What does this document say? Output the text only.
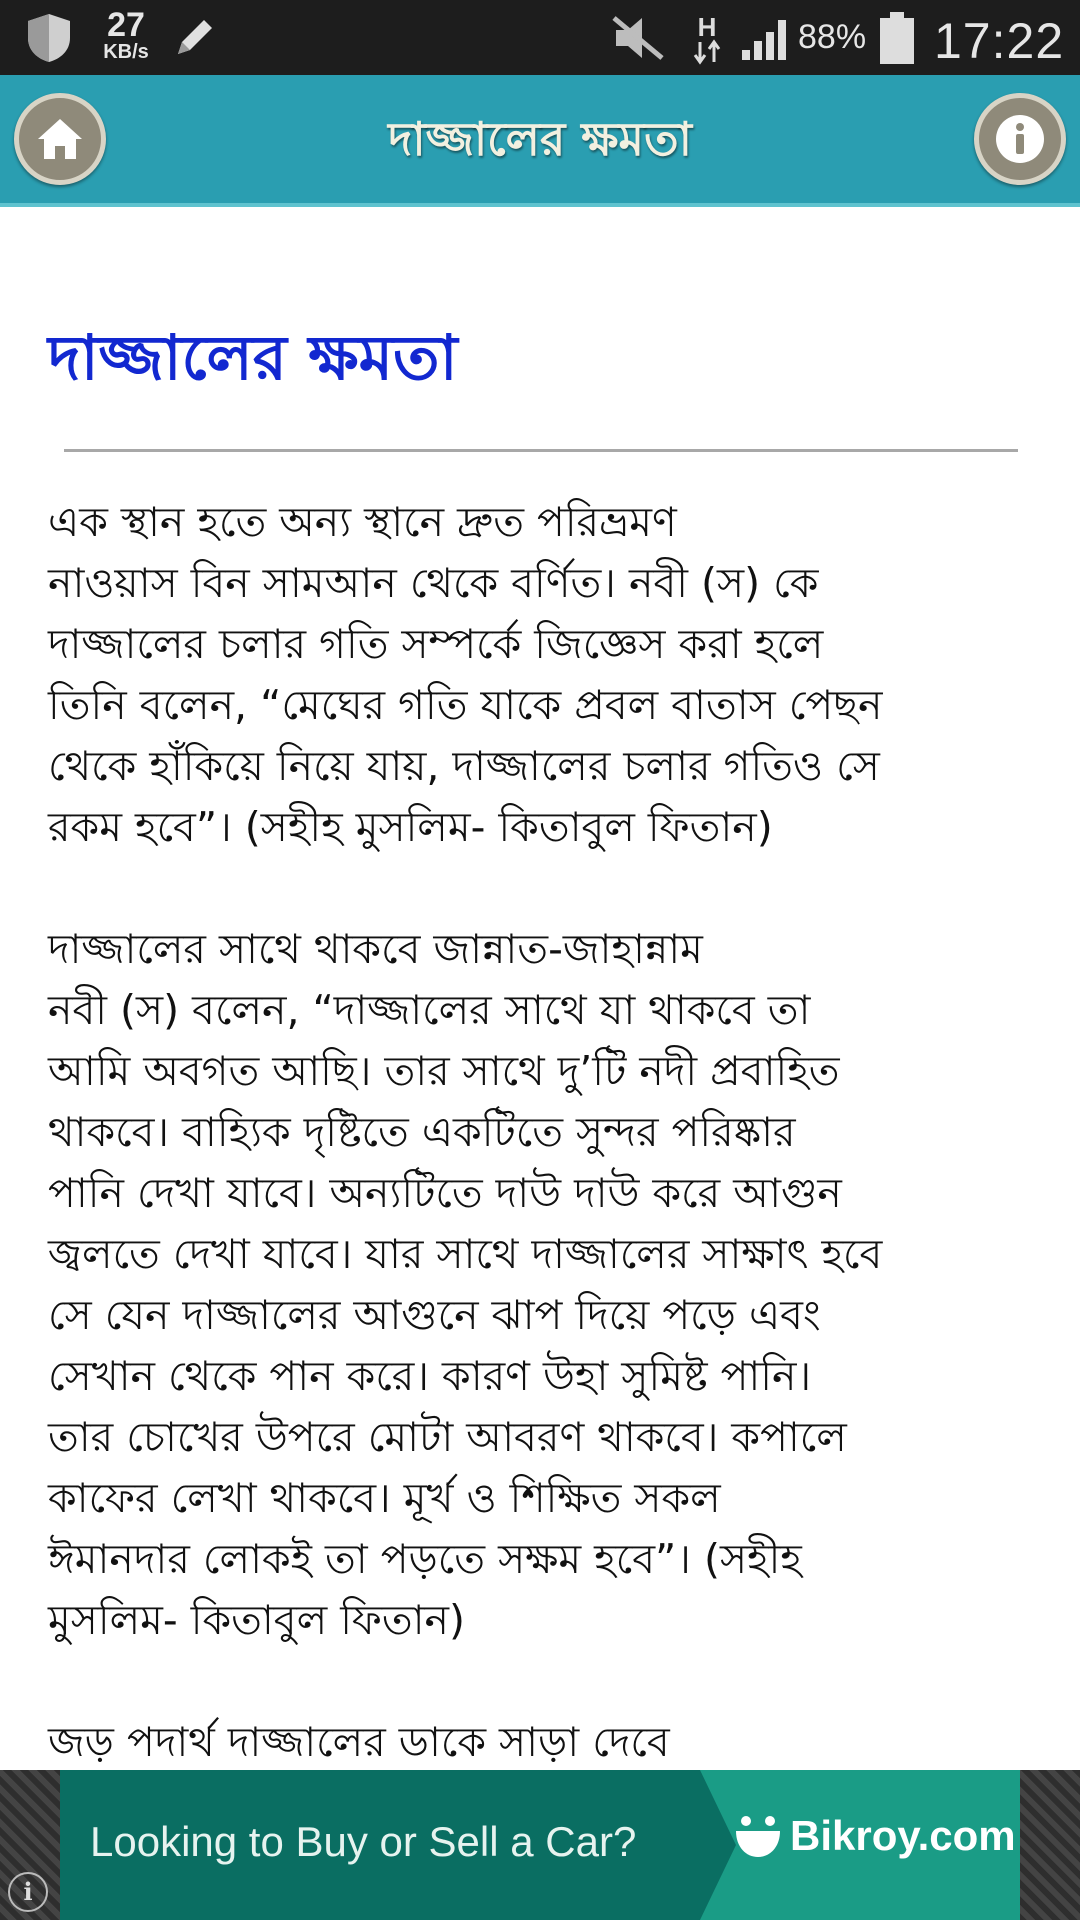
27
KB/s
H 88% 17:22
দাজ্জালের ক্ষমতা
দাজ্জালের ক্ষমতা
এক স্থান হতে অন্য স্থানে দ্রুত পরিভ্রমণ
নাওয়াস বিন সামআন থেকে বর্ণিত। নবী (স) কে
দাজ্জালের চলার গতি সম্পর্কে জিজ্ঞেস করা হলে
তিনি বলেন, “মেঘের গতি যাকে প্রবল বাতাস পেছন
থেকে হাঁকিয়ে নিয়ে যায়, দাজ্জালের চলার গতিও সে
রকম হবে”। (সহীহ মুসলিম- কিতাবুল ফিতান)
দাজ্জালের সাথে থাকবে জান্নাত-জাহান্নাম
নবী (স) বলেন, “দাজ্জালের সাথে যা থাকবে তা
আমি অবগত আছি। তার সাথে দু’টি নদী প্রবাহিত
থাকবে। বাহ্যিক দৃষ্টিতে একটিতে সুন্দর পরিষ্কার
পানি দেখা যাবে। অন্যটিতে দাউ দাউ করে আগুন
জ্বলতে দেখা যাবে। যার সাথে দাজ্জালের সাক্ষাৎ হবে
সে যেন দাজ্জালের আগুনে ঝাপ দিয়ে পড়ে এবং
সেখান থেকে পান করে। কারণ উহা সুমিষ্ট পানি।
তার চোখের উপরে মোটা আবরণ থাকবে। কপালে
কাফের লেখা থাকবে। মূর্খ ও শিক্ষিত সকল
ঈমানদার লোকই তা পড়তে সক্ষম হবে”। (সহীহ
মুসলিম- কিতাবুল ফিতান)
জড় পদার্থ দাজ্জালের ডাকে সাড়া দেবে
i
Looking to Buy or Sell a Car?	Bikroy.com
